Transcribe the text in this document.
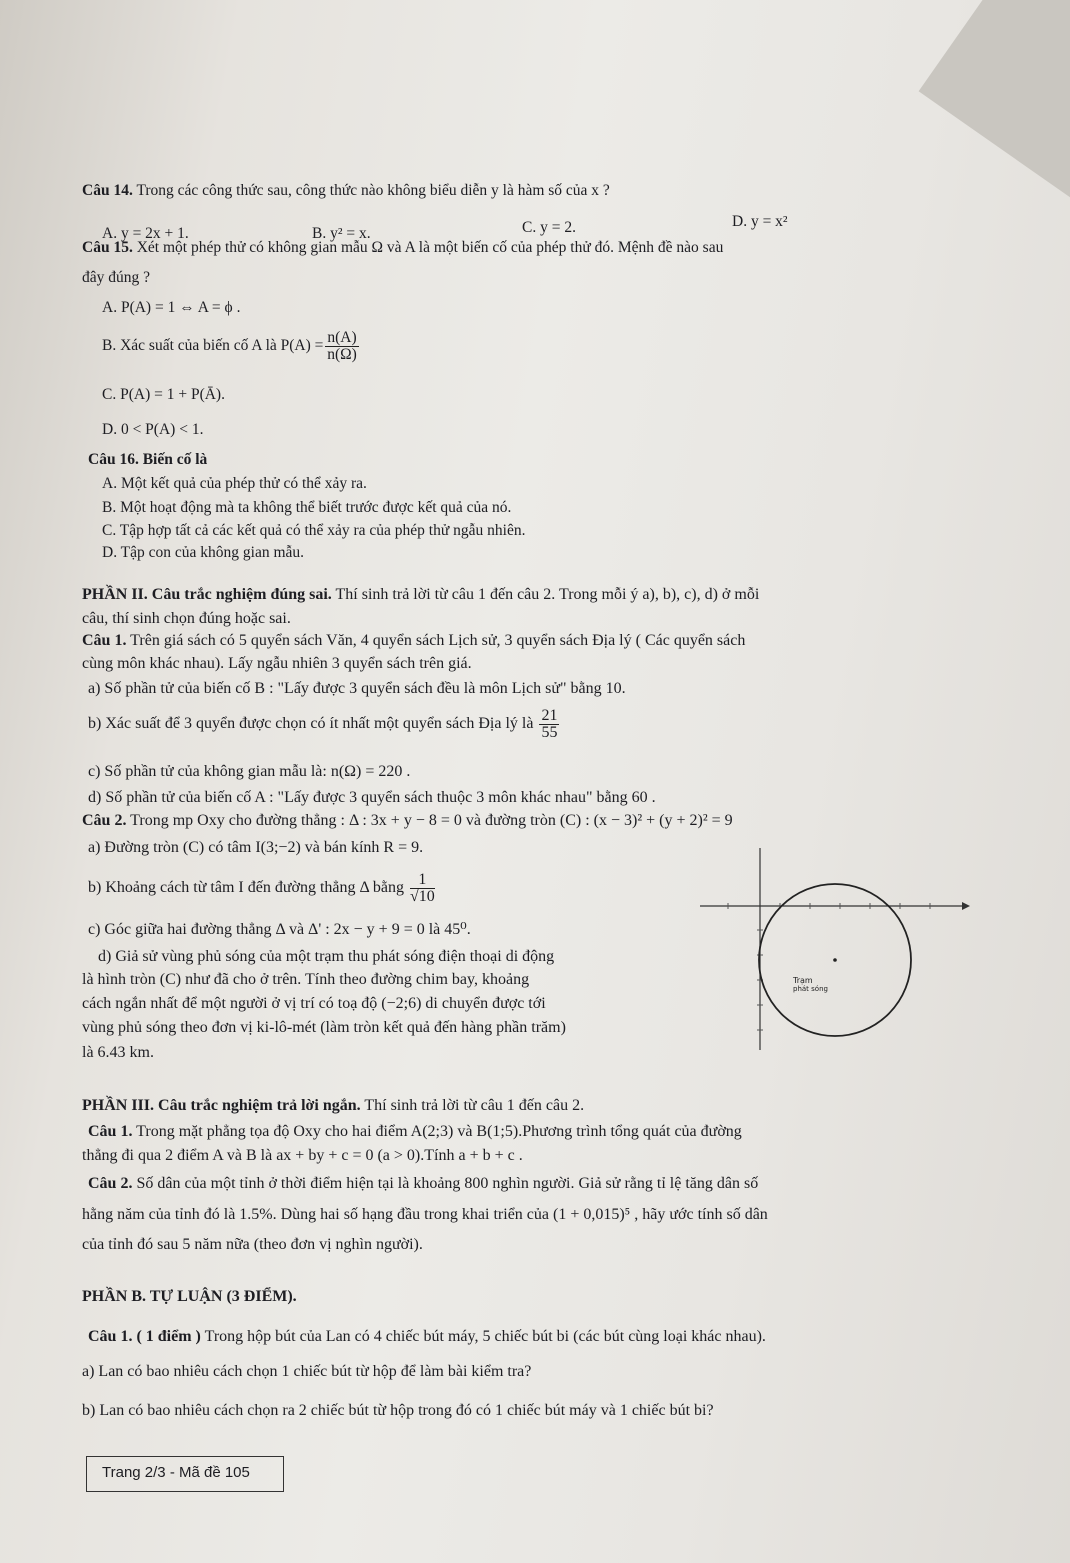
Câu 14. Trong các công thức sau, công thức nào không biểu diễn y là hàm số của x ?
A. y = 2x + 1.	B. y² = x.	C. y = 2.	D. y = x²
Câu 15. Xét một phép thử có không gian mẫu Ω và A là một biến cố của phép thử đó. Mệnh đề nào sau
đây đúng ?
A. P(A) = 1 ⇔ A = ϕ .
B. Xác suất của biến cố A là $P(A) = \frac{n(A)}{n(\Omega)}$
C. P(A) = 1 + P(Ā).
D. 0 < P(A) < 1.
Câu 16. Biến cố là
A. Một kết quả của phép thử có thể xảy ra.
B. Một hoạt động mà ta không thể biết trước được kết quả của nó.
C. Tập hợp tất cả các kết quả có thể xảy ra của phép thử ngẫu nhiên.
D. Tập con của không gian mẫu.
PHẦN II. Câu trắc nghiệm đúng sai. Thí sinh trả lời từ câu 1 đến câu 2. Trong mỗi ý a), b), c), d) ở mỗi
câu, thí sinh chọn đúng hoặc sai.
Câu 1. Trên giá sách có 5 quyển sách Văn, 4 quyển sách Lịch sử, 3 quyển sách Địa lý ( Các quyển sách
cùng môn khác nhau). Lấy ngẫu nhiên 3 quyển sách trên giá.
a) Số phần tử của biến cố B : "Lấy được 3 quyển sách đều là môn Lịch sử" bằng 10.
b) Xác suất để 3 quyển được chọn có ít nhất một quyển sách Địa lý là $\frac{21}{55}$
c) Số phần tử của không gian mẫu là: n(Ω) = 220 .
d) Số phần tử của biến cố A : "Lấy được 3 quyển sách thuộc 3 môn khác nhau" bằng 60 .
Câu 2. Trong mp Oxy cho đường thẳng : Δ : 3x + y − 8 = 0 và đường tròn (C) : (x − 3)² + (y + 2)² = 9
a) Đường tròn (C) có tâm I(3;−2) và bán kính R = 9.
b) Khoảng cách từ tâm I đến đường thẳng Δ bằng $\frac{1}{√10}$
c) Góc giữa hai đường thẳng Δ và Δ' : 2x − y + 9 = 0 là 45⁰.
d) Giả sử vùng phủ sóng của một trạm thu phát sóng điện thoại di động
là hình tròn (C) như đã cho ở trên. Tính theo đường chim bay, khoảng
cách ngắn nhất để một người ở vị trí có toạ độ (−2;6) di chuyển được tới
vùng phủ sóng theo đơn vị ki-lô-mét (làm tròn kết quả đến hàng phần trăm)
là 6.43 km.
Trạm
phát sóng
PHẦN III. Câu trắc nghiệm trả lời ngắn. Thí sinh trả lời từ câu 1 đến câu 2.
Câu 1. Trong mặt phẳng tọa độ Oxy cho hai điểm A(2;3) và B(1;5).Phương trình tổng quát của đường
thẳng đi qua 2 điểm A và B là ax + by + c = 0 (a > 0).Tính a + b + c .
Câu 2. Số dân của một tỉnh ở thời điểm hiện tại là khoảng 800 nghìn người. Giả sử rằng tỉ lệ tăng dân số
hằng năm của tỉnh đó là 1.5%. Dùng hai số hạng đầu trong khai triển của (1 + 0,015)⁵ , hãy ước tính số dân
của tỉnh đó sau 5 năm nữa (theo đơn vị nghìn người).
PHẦN B. TỰ LUẬN (3 ĐIỂM).
Câu 1. ( 1 điểm ) Trong hộp bút của Lan có 4 chiếc bút máy, 5 chiếc bút bi (các bút cùng loại khác nhau).
a) Lan có bao nhiêu cách chọn 1 chiếc bút từ hộp để làm bài kiểm tra?
b) Lan có bao nhiêu cách chọn ra 2 chiếc bút từ hộp trong đó có 1 chiếc bút máy và 1 chiếc bút bi?
Trang 2/3 - Mã đề 105
